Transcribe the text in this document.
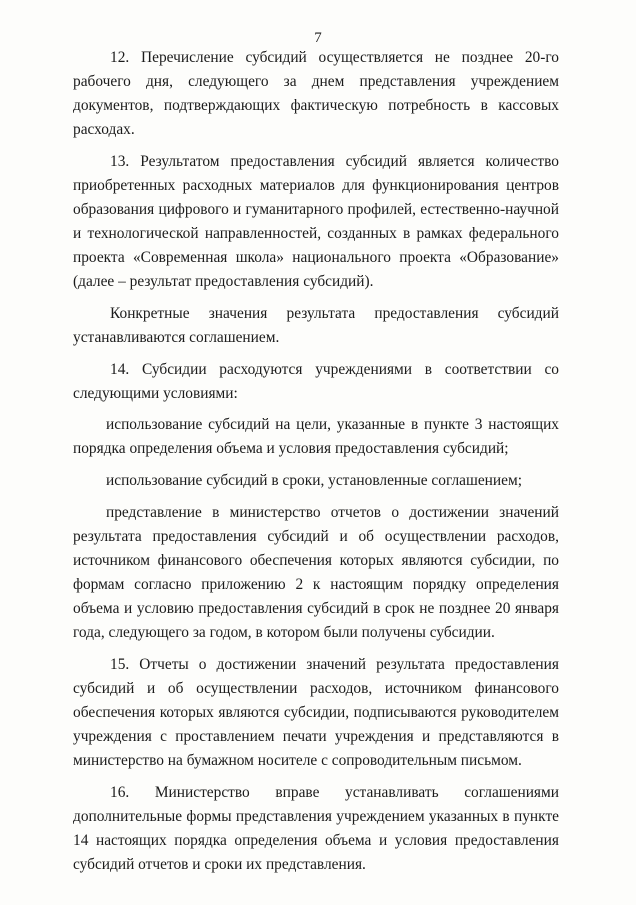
7

12. Перечисление субсидий осуществляется не позднее 20-го рабочего дня, следующего за днем представления учреждением документов, подтверждающих фактическую потребность в кассовых расходах.

13. Результатом предоставления субсидий является количество приобретенных расходных материалов для функционирования центров образования цифрового и гуманитарного профилей, естественно-научной и технологической направленностей, созданных в рамках федерального проекта «Современная школа» национального проекта «Образование» (далее – результат предоставления субсидий).

Конкретные значения результата предоставления субсидий устанавливаются соглашением.

14. Субсидии расходуются учреждениями в соответствии со следующими условиями:

использование субсидий на цели, указанные в пункте 3 настоящих порядка определения объема и условия предоставления субсидий;

использование субсидий в сроки, установленные соглашением;

представление в министерство отчетов о достижении значений результата предоставления субсидий и об осуществлении расходов, источником финансового обеспечения которых являются субсидии, по формам согласно приложению 2 к настоящим порядку определения объема и условию предоставления субсидий в срок не позднее 20 января года, следующего за годом, в котором были получены субсидии.

15. Отчеты о достижении значений результата предоставления субсидий и об осуществлении расходов, источником финансового обеспечения которых являются субсидии, подписываются руководителем учреждения с проставлением печати учреждения и представляются в министерство на бумажном носителе с сопроводительным письмом.

16. Министерство вправе устанавливать соглашениями дополнительные формы представления учреждением указанных в пункте 14 настоящих порядка определения объема и условия предоставления субсидий отчетов и сроки их представления.
